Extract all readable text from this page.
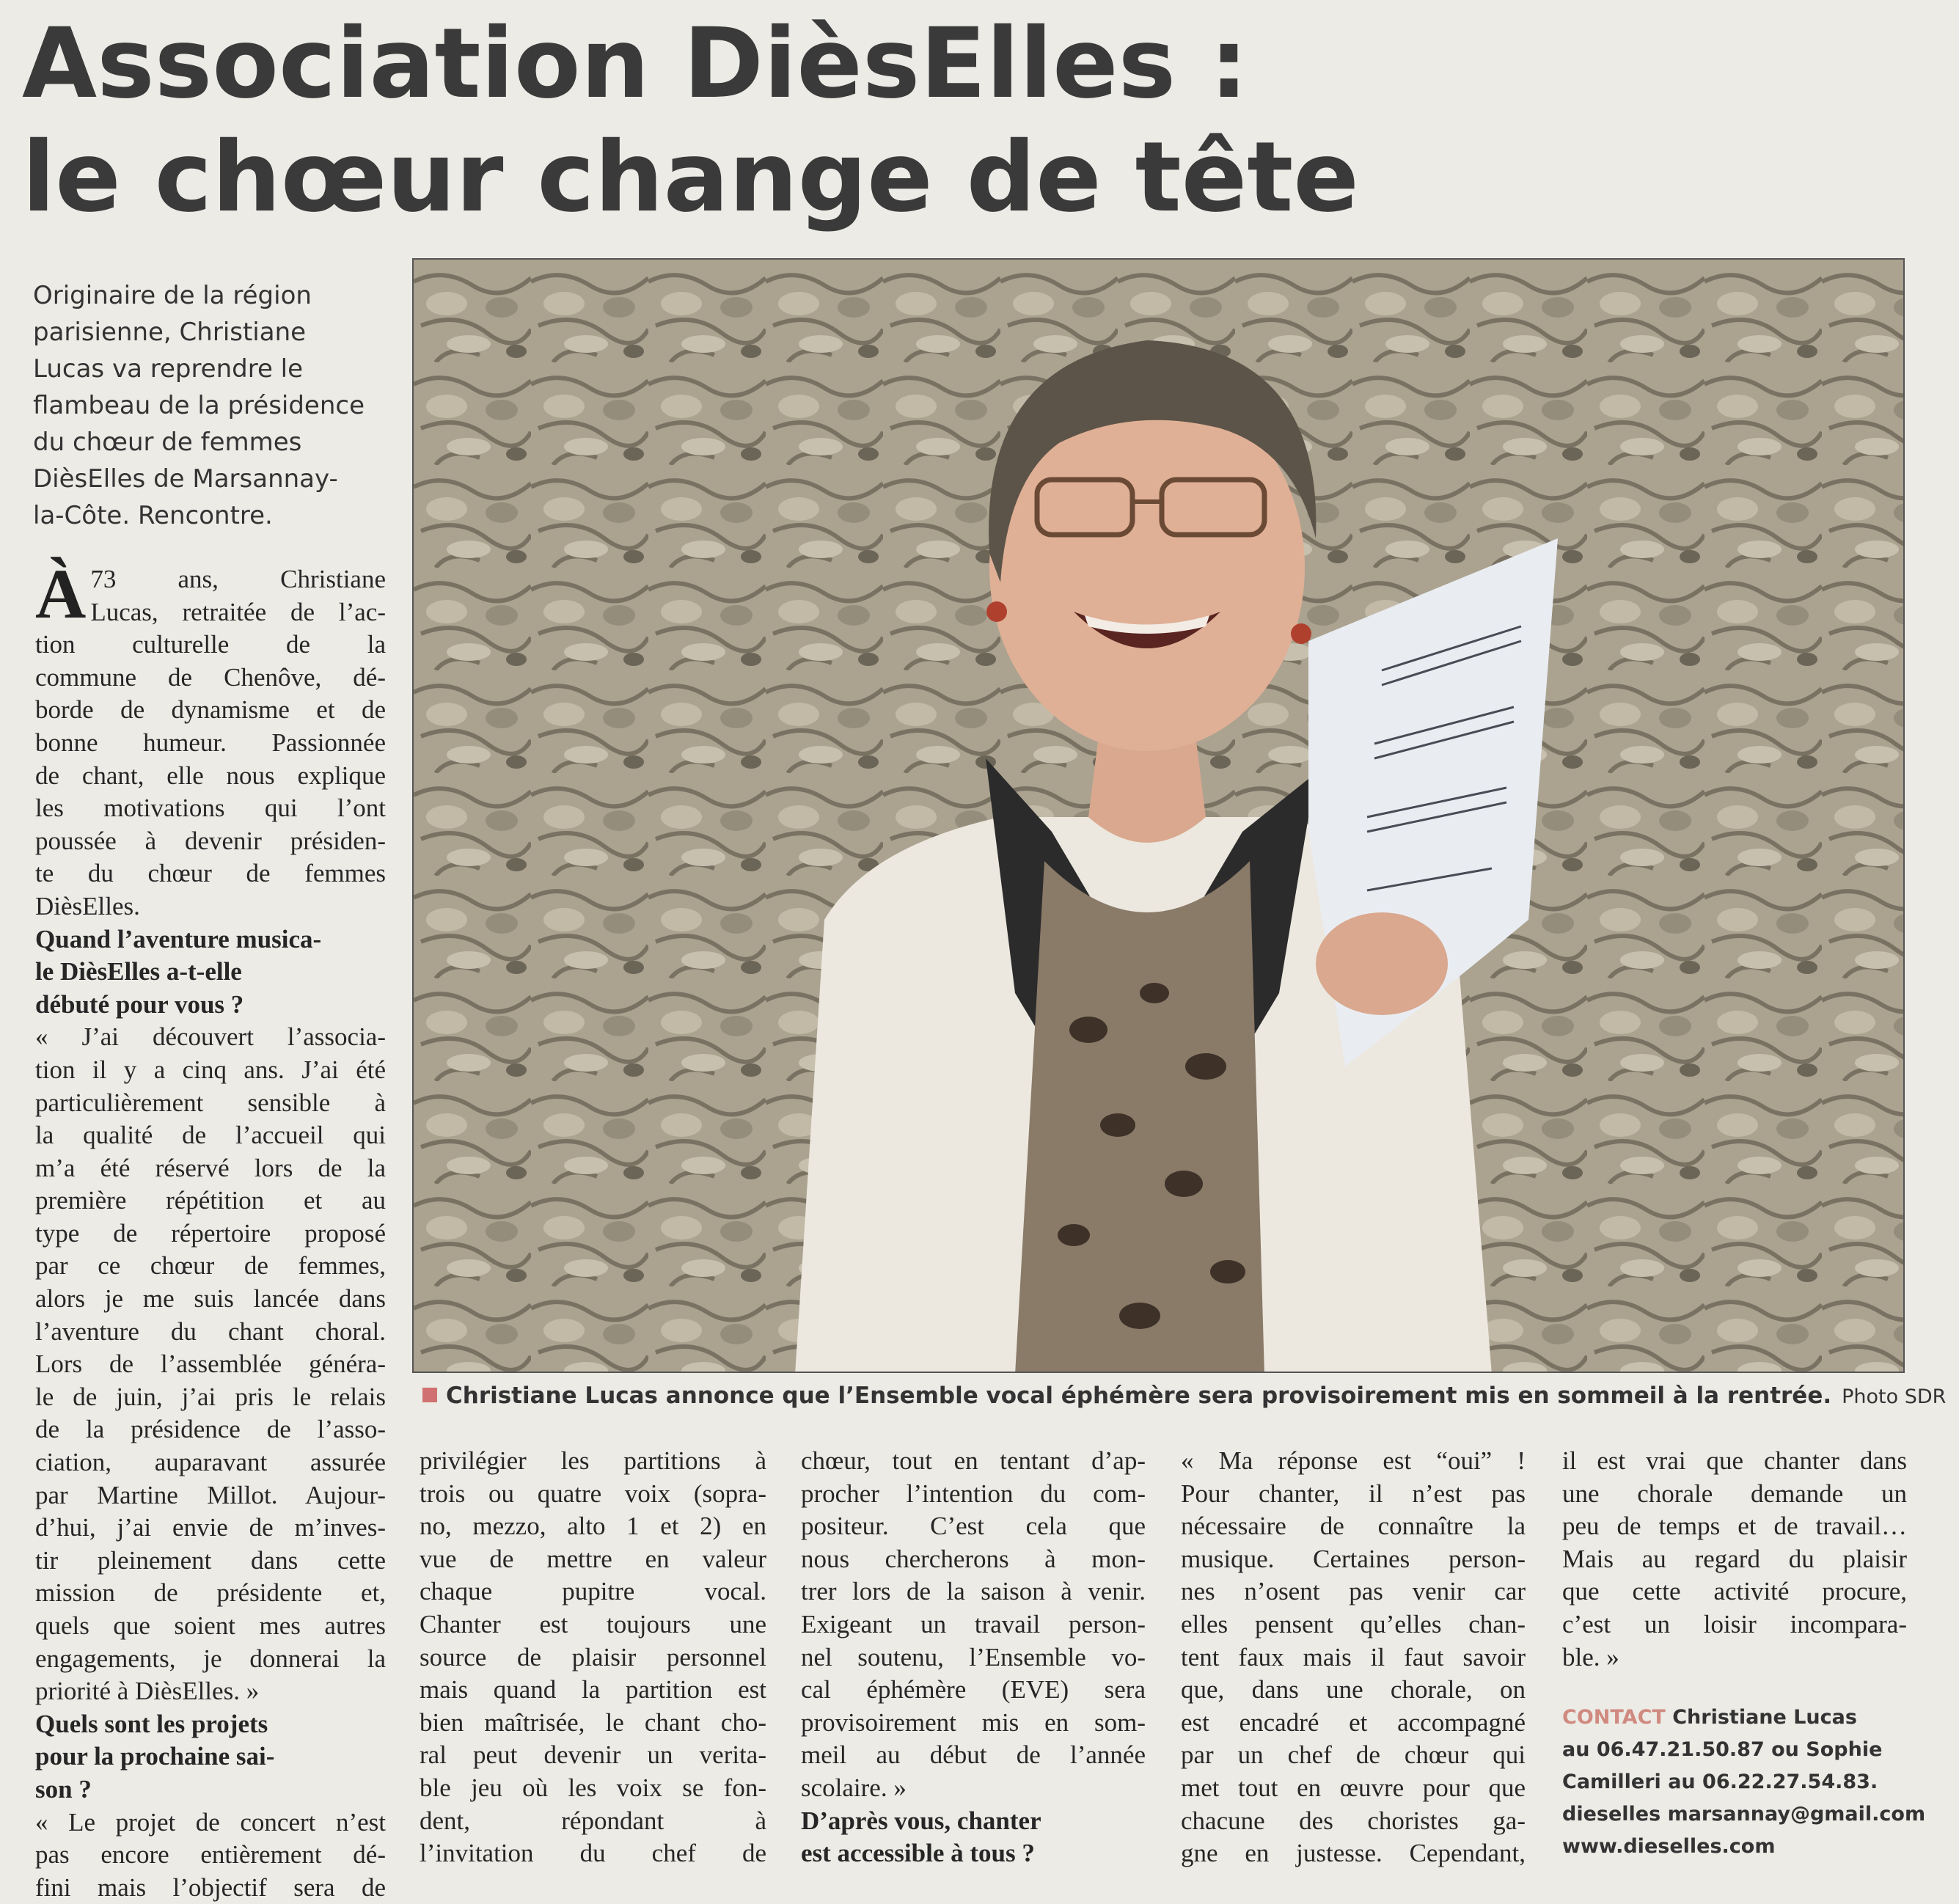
Association DièsElles :
le chœur change de tête
Originaire de la région
parisienne, Christiane
Lucas va reprendre le
flambeau de la présidence
du chœur de femmes
DièsElles de Marsannay-
la-Côte. Rencontre.
Christiane Lucas annonce que l’Ensemble vocal éphémère sera provisoirement mis en sommeil à la rentrée. Photo SDR
À 73 ans, Christiane
Lucas, retraitée de l’ac-
tion culturelle de la
commune de Chenôve, dé-
borde de dynamisme et de
bonne humeur. Passionnée
de chant, elle nous explique
les motivations qui l’ont
poussée à devenir présiden-
te du chœur de femmes
DièsElles.
Quand l’aventure musica-
le DièsElles a-t-elle
débuté pour vous ?
« J’ai découvert l’associa-
tion il y a cinq ans. J’ai été
particulièrement sensible à
la qualité de l’accueil qui
m’a été réservé lors de la
première répétition et au
type de répertoire proposé
par ce chœur de femmes,
alors je me suis lancée dans
l’aventure du chant choral.
Lors de l’assemblée généra-
le de juin, j’ai pris le relais
de la présidence de l’asso-
ciation, auparavant assurée
par Martine Millot. Aujour-
d’hui, j’ai envie de m’inves-
tir pleinement dans cette
mission de présidente et,
quels que soient mes autres
engagements, je donnerai la
priorité à DièsElles. »
Quels sont les projets
pour la prochaine sai-
son ?
« Le projet de concert n’est
pas encore entièrement dé-
fini mais l’objectif sera de
privilégier les partitions à
trois ou quatre voix (sopra-
no, mezzo, alto 1 et 2) en
vue de mettre en valeur
chaque pupitre vocal.
Chanter est toujours une
source de plaisir personnel
mais quand la partition est
bien maîtrisée, le chant cho-
ral peut devenir un verita-
ble jeu où les voix se fon-
dent, répondant à
l’invitation du chef de
chœur, tout en tentant d’ap-
procher l’intention du com-
positeur. C’est cela que
nous chercherons à mon-
trer lors de la saison à venir.
Exigeant un travail person-
nel soutenu, l’Ensemble vo-
cal éphémère (EVE) sera
provisoirement mis en som-
meil au début de l’année
scolaire. »
D’après vous, chanter
est accessible à tous ?
« Ma réponse est “oui” !
Pour chanter, il n’est pas
nécessaire de connaître la
musique. Certaines person-
nes n’osent pas venir car
elles pensent qu’elles chan-
tent faux mais il faut savoir
que, dans une chorale, on
est encadré et accompagné
par un chef de chœur qui
met tout en œuvre pour que
chacune des choristes ga-
gne en justesse. Cependant,
il est vrai que chanter dans
une chorale demande un
peu de temps et de travail…
Mais au regard du plaisir
que cette activité procure,
c’est un loisir incompara-
ble. »
CONTACT Christiane Lucas
au 06.47.21.50.87 ou Sophie
Camilleri au 06.22.27.54.83.
dieselles marsannay@gmail.com
www.dieselles.com
